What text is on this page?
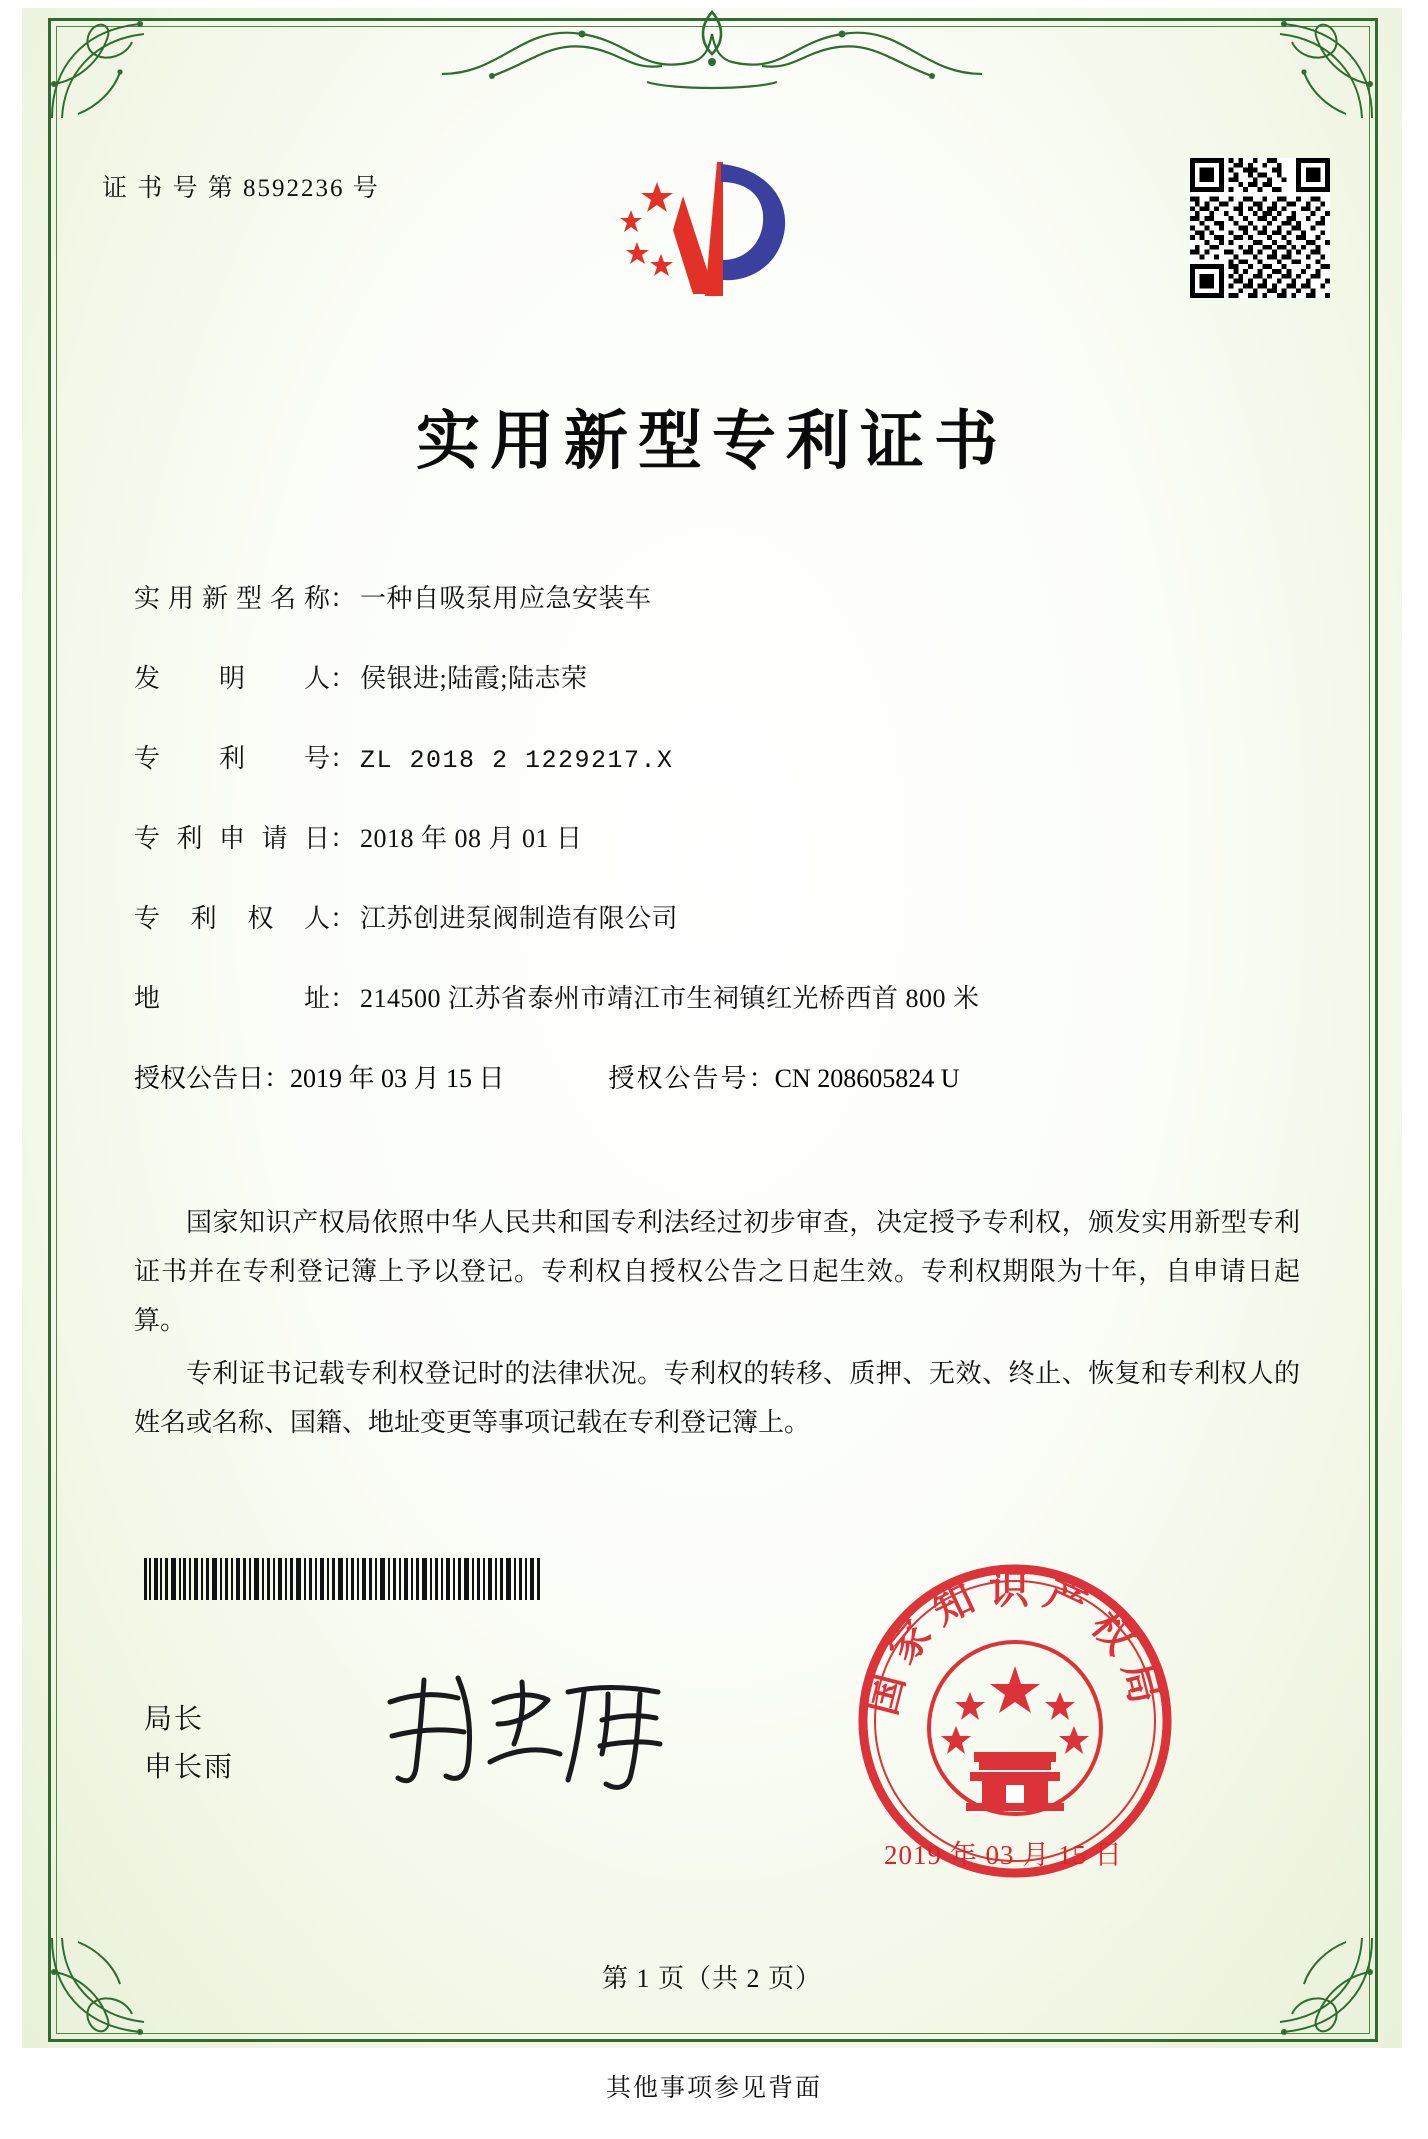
证 书 号 第 8592236 号
实用新型专利证书
实用新型名称 ： 一种自吸泵用应急安装车
发明人 ： 侯银进;陆霞;陆志荣
专利号 ： ZL 2018 2 1229217.X
专利申请日 ： 2018 年 08 月 01 日
专利权人 ： 江苏创进泵阀制造有限公司
地址 ： 214500 江苏省泰州市靖江市生祠镇红光桥西首 800 米
授权公告日 ： 2019 年 03 月 15 日	授权公告号 ： CN 208605824 U

国家知识产权局依照中华人民共和国专利法经过初步审查，决定授予专利权，颁发实用新型专利证书并在专利登记簿上予以登记。专利权自授权公告之日起生效。专利权期限为十年，自申请日起算。

专利证书记载专利权登记时的法律状况。专利权的转移、质押、无效、终止、恢复和专利权人的姓名或名称、国籍、地址变更等事项记载在专利登记簿上。

局长
申长雨
国家知识产权局
2019 年 03 月 15 日
第 1 页（共 2 页）
其他事项参见背面
